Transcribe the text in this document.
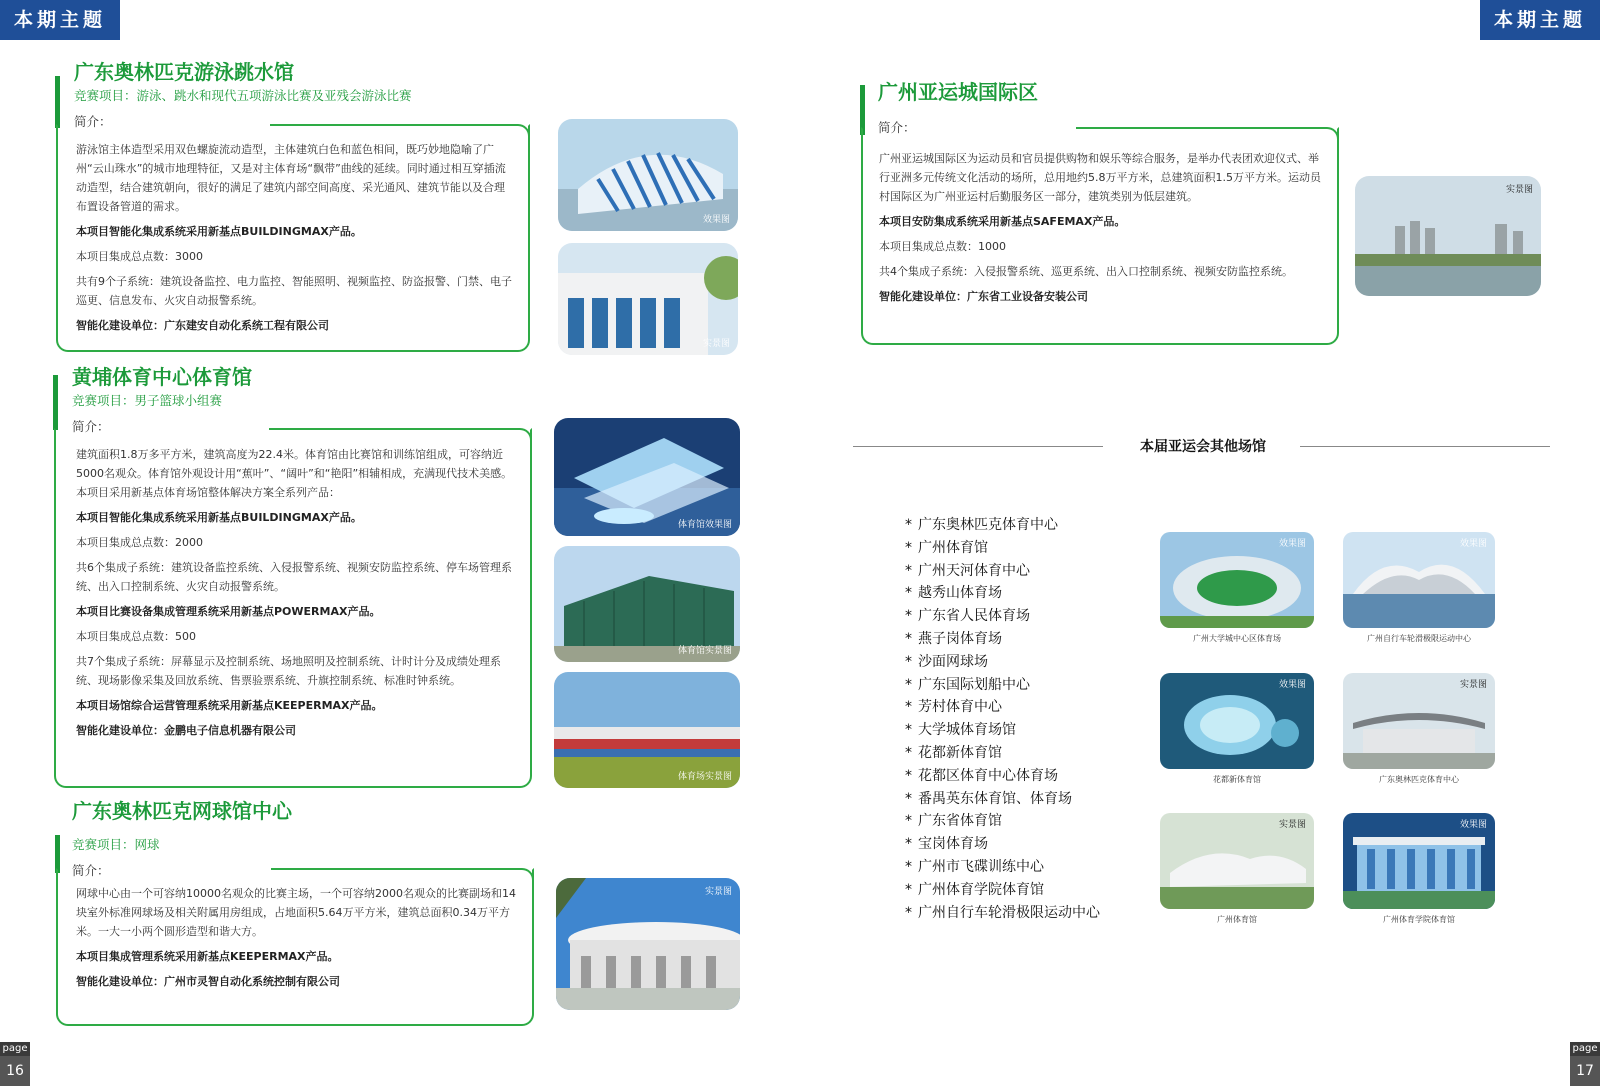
本期主题	本期主题
广东奥林匹克游泳跳水馆
竞赛项目：游泳、跳水和现代五项游泳比赛及亚残会游泳比赛
简介：

游泳馆主体造型采用双色螺旋流动造型，主体建筑白色和蓝色相间，既巧妙地隐喻了广州“云山珠水”的城市地理特征，又是对主体育场“飘带”曲线的延续。同时通过相互穿插流动造型，结合建筑朝向，很好的满足了建筑内部空间高度、采光通风、建筑节能以及合理布置设备管道的需求。

本项目智能化集成系统采用新基点BUILDINGMAX产品。

本项目集成总点数：3000

共有9个子系统：建筑设备监控、电力监控、智能照明、视频监控、防盗报警、门禁、电子巡更、信息发布、火灾自动报警系统。

智能化建设单位：广东建安自动化系统工程有限公司

效果图
实景图
黄埔体育中心体育馆
竞赛项目：男子篮球小组赛
简介：

建筑面积1.8万多平方米，建筑高度为22.4米。体育馆由比赛馆和训练馆组成，可容纳近5000名观众。体育馆外观设计用“蕉叶”、“阔叶”和“艳阳”相辅相成，充满现代技术美感。本项目采用新基点体育场馆整体解决方案全系列产品：

本项目智能化集成系统采用新基点BUILDINGMAX产品。

本项目集成总点数：2000

共6个集成子系统：建筑设备监控系统、入侵报警系统、视频安防监控系统、停车场管理系统、出入口控制系统、火灾自动报警系统。

本项目比赛设备集成管理系统采用新基点POWERMAX产品。

本项目集成总点数：500

共7个集成子系统：屏幕显示及控制系统、场地照明及控制系统、计时计分及成绩处理系统、现场影像采集及回放系统、售票验票系统、升旗控制系统、标准时钟系统。

本项目场馆综合运营管理系统采用新基点KEEPERMAX产品。

智能化建设单位：金鹏电子信息机器有限公司

体育馆效果图
体育馆实景图
体育场实景图
广东奥林匹克网球馆中心
竞赛项目：网球
简介：

网球中心由一个可容纳10000名观众的比赛主场，一个可容纳2000名观众的比赛副场和14块室外标准网球场及相关附属用房组成，占地面积5.64万平方米，建筑总面积0.34万平方米。一大一小两个圆形造型和谐大方。

本项目集成管理系统采用新基点KEEPERMAX产品。

智能化建设单位：广州市灵智自动化系统控制有限公司

实景图
广州亚运城国际区
简介：

广州亚运城国际区为运动员和官员提供购物和娱乐等综合服务，是举办代表团欢迎仪式、举行亚洲多元传统文化活动的场所，总用地约5.8万平方米，总建筑面积1.5万平方米。运动员村国际区为广州亚运村后勤服务区一部分，建筑类别为低层建筑。

本项目安防集成系统采用新基点SAFEMAX产品。

本项目集成总点数：1000

共4个集成子系统：入侵报警系统、巡更系统、出入口控制系统、视频安防监控系统。

智能化建设单位：广东省工业设备安装公司

实景图
本届亚运会其他场馆
* 广东奥林匹克体育中心
* 广州体育馆
* 广州天河体育中心
* 越秀山体育场
* 广东省人民体育场
* 燕子岗体育场
* 沙面网球场
* 广东国际划船中心
* 芳村体育中心
* 大学城体育场馆
* 花都新体育馆
* 花都区体育中心体育场
* 番禺英东体育馆、体育场
* 广东省体育馆
* 宝岗体育场
* 广州市飞碟训练中心
* 广州体育学院体育馆
* 广州自行车轮滑极限运动中心
效果图
广州大学城中心区体育场
效果图
广州自行车轮滑极限运动中心
效果图
花都新体育馆
实景图
广东奥林匹克体育中心
实景图
广州体育馆
效果图
广州体育学院体育馆
page
16
page
17
